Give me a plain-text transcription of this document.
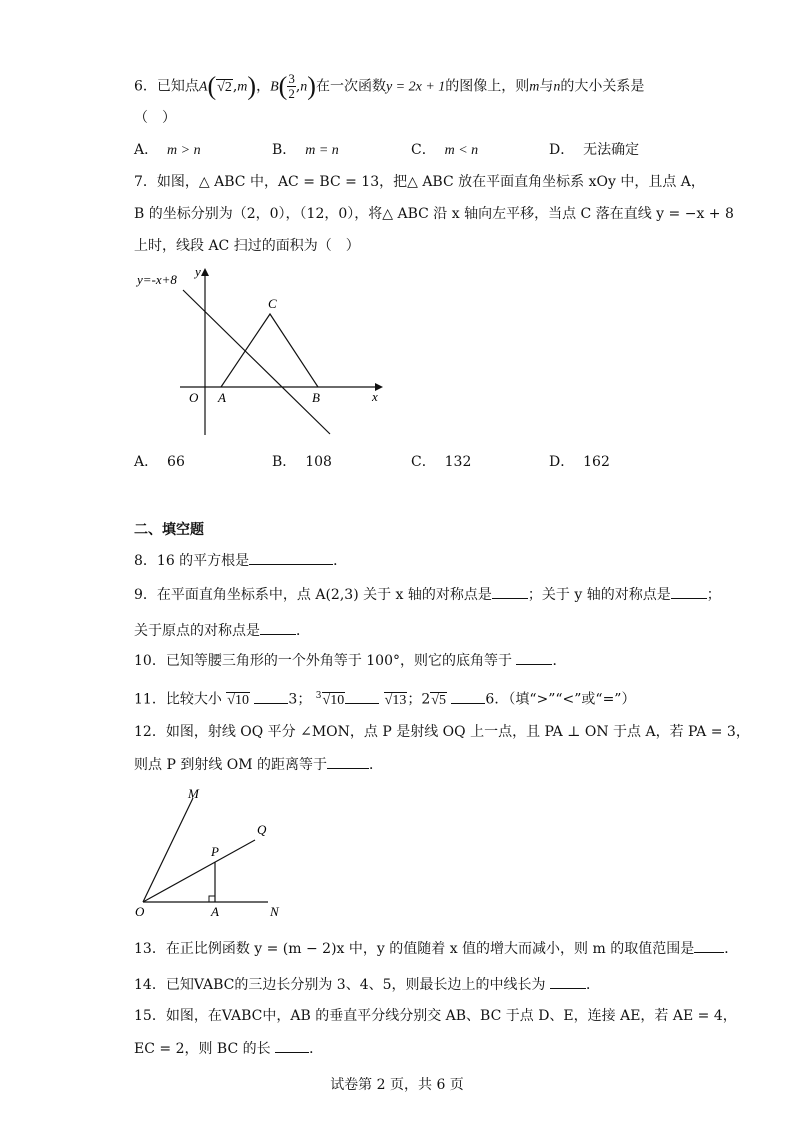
6．已知点A(√2,m)，$B( \frac{3}{2} ,n)$在一次函数y = 2x + 1的图像上，则m与n的大小关系是
（　）
A． m > n	B． m = n	C． m < n	D． 无法确定
7．如图，△ ABC 中，AC = BC = 13，把△ ABC 放在平面直角坐标系 xOy 中，且点 A，
B 的坐标分别为（2，0），（12，0），将△ ABC 沿 x 轴向左平移，当点 C 落在直线 y = −x + 8
上时，线段 AC 扫过的面积为（　）
y=-x+8
y
x
O A	B
C
A． 66	B． 108	C． 132	D． 162
二、填空题
8．16 的平方根是	．
9．在平面直角坐标系中，点 A(2,3) 关于 x 轴的对称点是	；关于 y 轴的对称点是	；
关于原点的对称点是	．
10．已知等腰三角形的一个外角等于 100°，则它的底角等于	．
11．比较大小 √10	3； $^3$√10	√13；2√5	6．（填“>”“<”或“=”）
12．如图，射线 OQ 平分 ∠MON，点 P 是射线 OQ 上一点，且 PA ⊥ ON 于点 A，若 PA = 3，
则点 P 到射线 OM 的距离等于	．
M
Q
P
O	A	N
13．在正比例函数 y = (m − 2)x 中，y 的值随着 x 值的增大而减小，则 m 的取值范围是 ．
14．已知VABC的三边长分别为 3、4、5，则最长边上的中线长为	．
15．如图，在VABC中，AB 的垂直平分线分别交 AB、BC 于点 D、E，连接 AE，若 AE = 4，
EC = 2，则 BC 的长	．
试卷第 2 页，共 6 页
